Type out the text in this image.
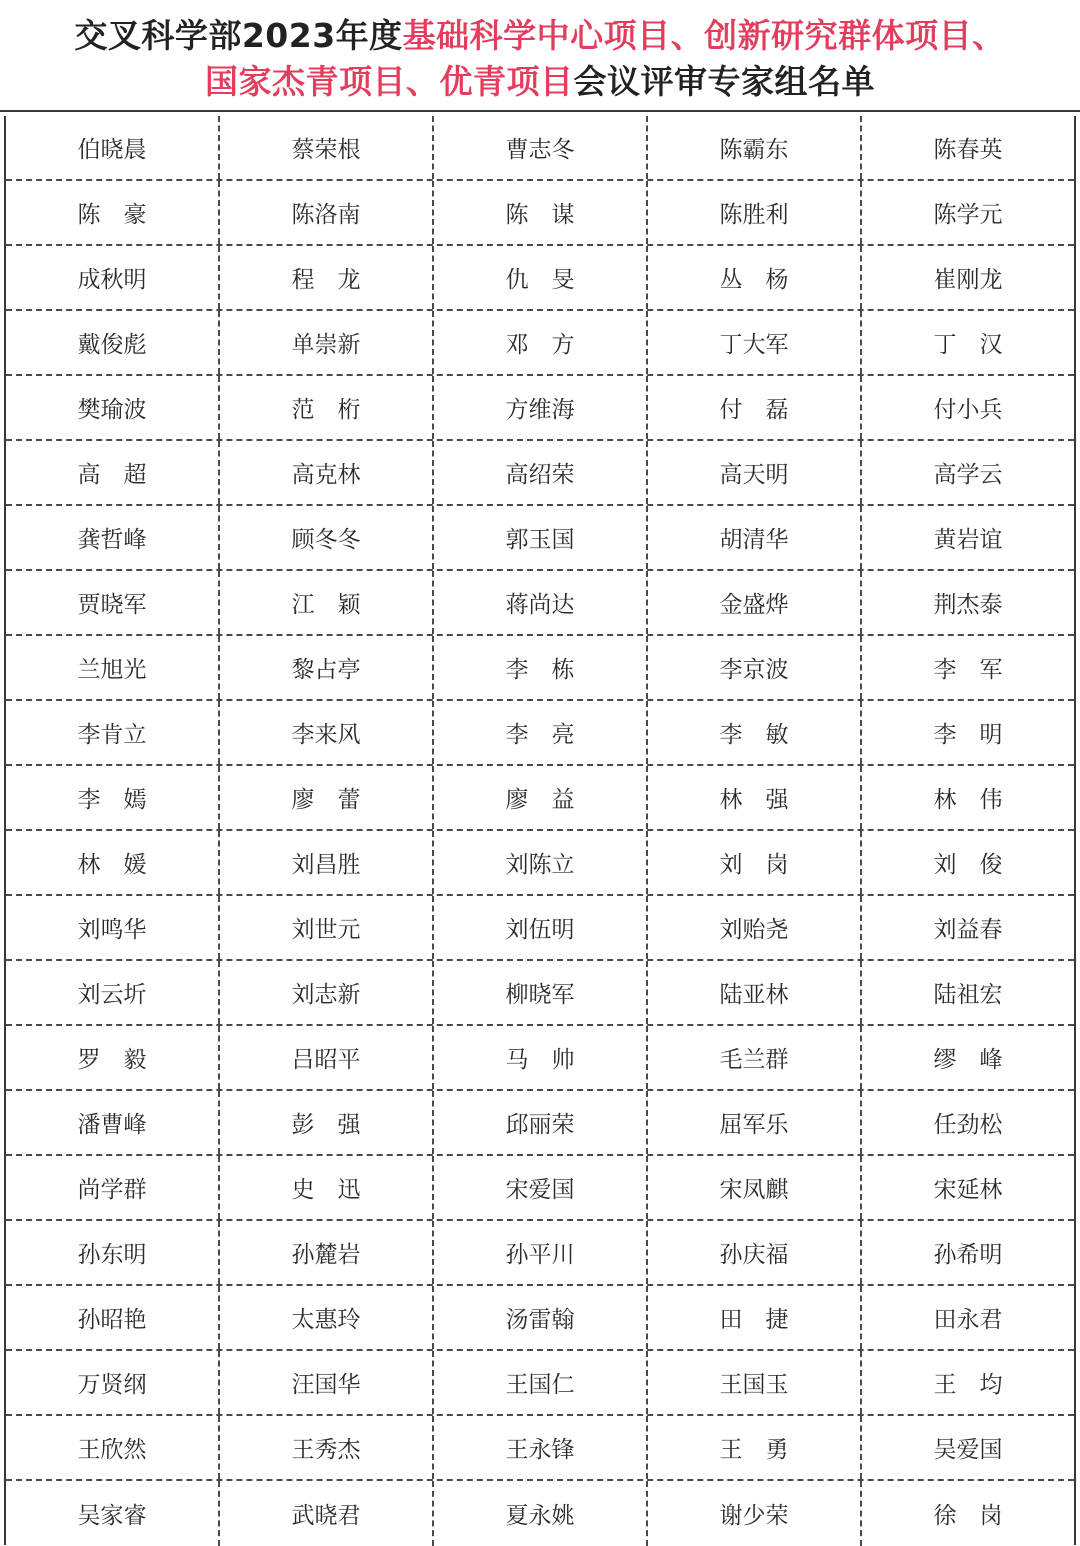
交叉科学部2023年度基础科学中心项目、创新研究群体项目、
国家杰青项目、优青项目会议评审专家组名单
伯晓晨	蔡荣根	曹志冬	陈霸东	陈春英
陈　豪	陈洛南	陈　谋	陈胜利	陈学元
成秋明	程　龙	仇　旻	丛　杨	崔刚龙
戴俊彪	单崇新	邓　方	丁大军	丁　汉
樊瑜波	范　桁	方维海	付　磊	付小兵
高　超	高克林	高绍荣	高天明	高学云
龚哲峰	顾冬冬	郭玉国	胡清华	黄岩谊
贾晓军	江　颖	蒋尚达	金盛烨	荆杰泰
兰旭光	黎占亭	李　栋	李京波	李　军
李肯立	李来风	李　亮	李　敏	李　明
李　嫣	廖　蕾	廖　益	林　强	林　伟
林　媛	刘昌胜	刘陈立	刘　岗	刘　俊
刘鸣华	刘世元	刘伍明	刘贻尧	刘益春
刘云圻	刘志新	柳晓军	陆亚林	陆祖宏
罗　毅	吕昭平	马　帅	毛兰群	缪　峰
潘曹峰	彭　强	邱丽荣	屈军乐	任劲松
尚学群	史　迅	宋爱国	宋凤麒	宋延林
孙东明	孙麓岩	孙平川	孙庆福	孙希明
孙昭艳	太惠玲	汤雷翰	田　捷	田永君
万贤纲	汪国华	王国仁	王国玉	王　均
王欣然	王秀杰	王永锋	王　勇	吴爱国
吴家睿	武晓君	夏永姚	谢少荣	徐　岗
